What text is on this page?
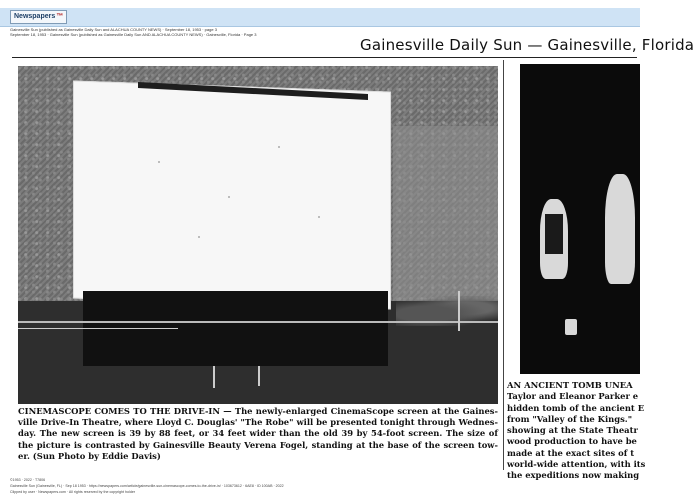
Newspapers ™
Gainesville Sun (published as Gainesville Daily Sun and ALACHUA COUNTY NEWS) · September 18, 1953 · page 3
September 18, 1953 · Gainesville Sun (published as Gainesville Daily Sun AND ALACHUA COUNTY NEWS) · Gainesville, Florida · Page 3
Gainesville Daily Sun — Gainesville, Florida
CINEMASCOPE COMES TO THE DRIVE-IN — The newly-enlarged CinemaScope screen at the Gaines- ville Drive-In Theatre, where Lloyd C. Douglas' "The Robe" will be presented tonight through Wednes- day. The new screen is 39 by 88 feet, or 34 feet wider than the old 39 by 54-foot screen. The size of the picture is contrasted by Gainesville Beauty Verena Fogel, standing at the base of the screen tow- er. (Sun Photo by Eddie Davis)
AN ANCIENT TOMB UNEA
Taylor and Eleanor Parker e
hidden tomb of the ancient E
from "Valley of the Kings."
showing at the State Theatr
wood production to have be
made at the exact sites of t
world-wide attention, with its
the expeditions now making
©1953 · 2022 · T7806
Gainesville Sun (Gainesville, FL) · Sep 18 1953 · https://newspapers.com/article/gainesville-sun-cinemascope-comes-to-the-drive-in/ · 103673612 · 6AE8 · ID 100AB · 2022
Clipped by user · Newspapers.com · All rights reserved by the copyright holder
